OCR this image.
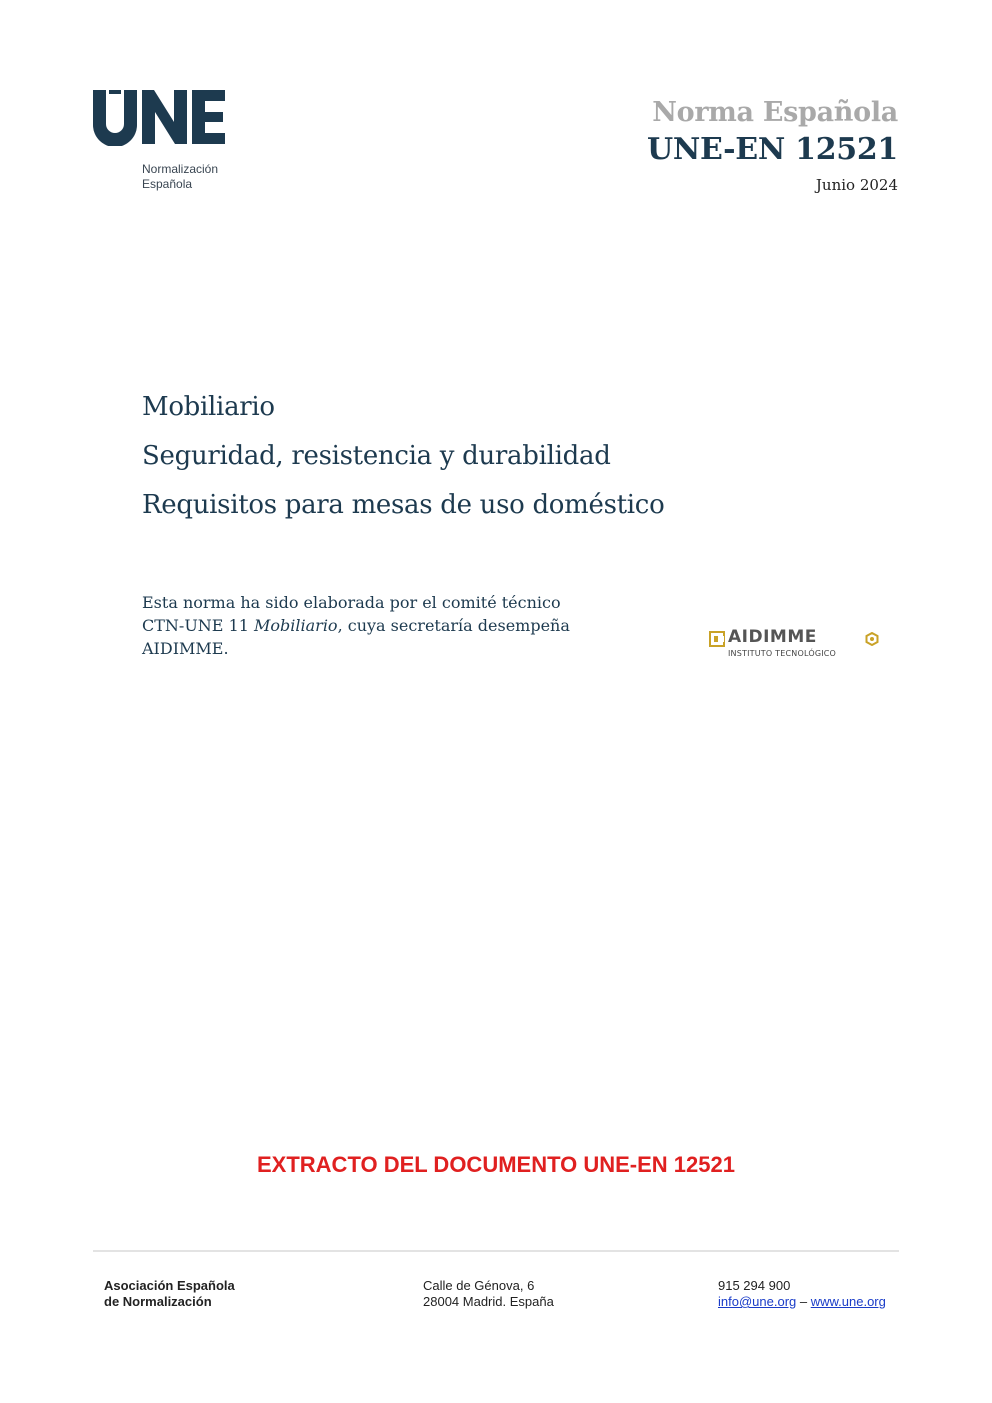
Normalización
Española
Norma Española
UNE-EN 12521
Junio 2024
Mobiliario
Seguridad, resistencia y durabilidad
Requisitos para mesas de uso doméstico
Esta norma ha sido elaborada por el comité técnico
CTN-UNE 11 Mobiliario, cuya secretaría desempeña
AIDIMME.
AIDIMME
INSTITUTO TECNOLÓGICO
EXTRACTO DEL DOCUMENTO UNE-EN 12521
Asociación Española
de Normalización
Calle de Génova, 6
28004 Madrid. España
915 294 900
info@une.org – www.une.org
